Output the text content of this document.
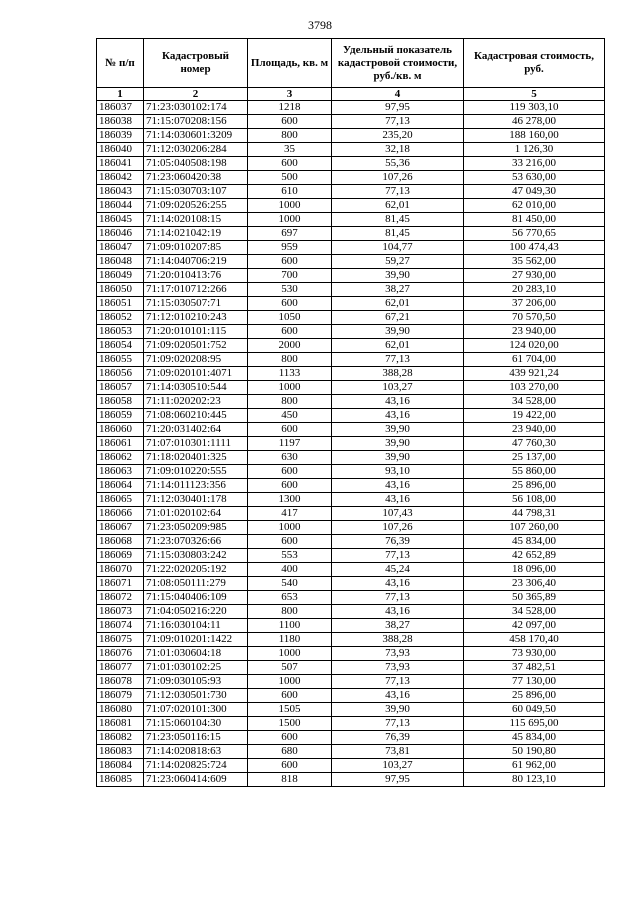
3798
№ п/п	Кадастровый номер	Площадь, кв. м	Удельный показатель кадастровой стоимости, руб./кв. м	Кадастровая стоимость, руб.
1	2	3	4	5
186037	71:23:030102:174	1218	97,95	119 303,10
186038	71:15:070208:156	600	77,13	46 278,00
186039	71:14:030601:3209	800	235,20	188 160,00
186040	71:12:030206:284	35	32,18	1 126,30
186041	71:05:040508:198	600	55,36	33 216,00
186042	71:23:060420:38	500	107,26	53 630,00
186043	71:15:030703:107	610	77,13	47 049,30
186044	71:09:020526:255	1000	62,01	62 010,00
186045	71:14:020108:15	1000	81,45	81 450,00
186046	71:14:021042:19	697	81,45	56 770,65
186047	71:09:010207:85	959	104,77	100 474,43
186048	71:14:040706:219	600	59,27	35 562,00
186049	71:20:010413:76	700	39,90	27 930,00
186050	71:17:010712:266	530	38,27	20 283,10
186051	71:15:030507:71	600	62,01	37 206,00
186052	71:12:010210:243	1050	67,21	70 570,50
186053	71:20:010101:115	600	39,90	23 940,00
186054	71:09:020501:752	2000	62,01	124 020,00
186055	71:09:020208:95	800	77,13	61 704,00
186056	71:09:020101:4071	1133	388,28	439 921,24
186057	71:14:030510:544	1000	103,27	103 270,00
186058	71:11:020202:23	800	43,16	34 528,00
186059	71:08:060210:445	450	43,16	19 422,00
186060	71:20:031402:64	600	39,90	23 940,00
186061	71:07:010301:1111	1197	39,90	47 760,30
186062	71:18:020401:325	630	39,90	25 137,00
186063	71:09:010220:555	600	93,10	55 860,00
186064	71:14:011123:356	600	43,16	25 896,00
186065	71:12:030401:178	1300	43,16	56 108,00
186066	71:01:020102:64	417	107,43	44 798,31
186067	71:23:050209:985	1000	107,26	107 260,00
186068	71:23:070326:66	600	76,39	45 834,00
186069	71:15:030803:242	553	77,13	42 652,89
186070	71:22:020205:192	400	45,24	18 096,00
186071	71:08:050111:279	540	43,16	23 306,40
186072	71:15:040406:109	653	77,13	50 365,89
186073	71:04:050216:220	800	43,16	34 528,00
186074	71:16:030104:11	1100	38,27	42 097,00
186075	71:09:010201:1422	1180	388,28	458 170,40
186076	71:01:030604:18	1000	73,93	73 930,00
186077	71:01:030102:25	507	73,93	37 482,51
186078	71:09:030105:93	1000	77,13	77 130,00
186079	71:12:030501:730	600	43,16	25 896,00
186080	71:07:020101:300	1505	39,90	60 049,50
186081	71:15:060104:30	1500	77,13	115 695,00
186082	71:23:050116:15	600	76,39	45 834,00
186083	71:14:020818:63	680	73,81	50 190,80
186084	71:14:020825:724	600	103,27	61 962,00
186085	71:23:060414:609	818	97,95	80 123,10
